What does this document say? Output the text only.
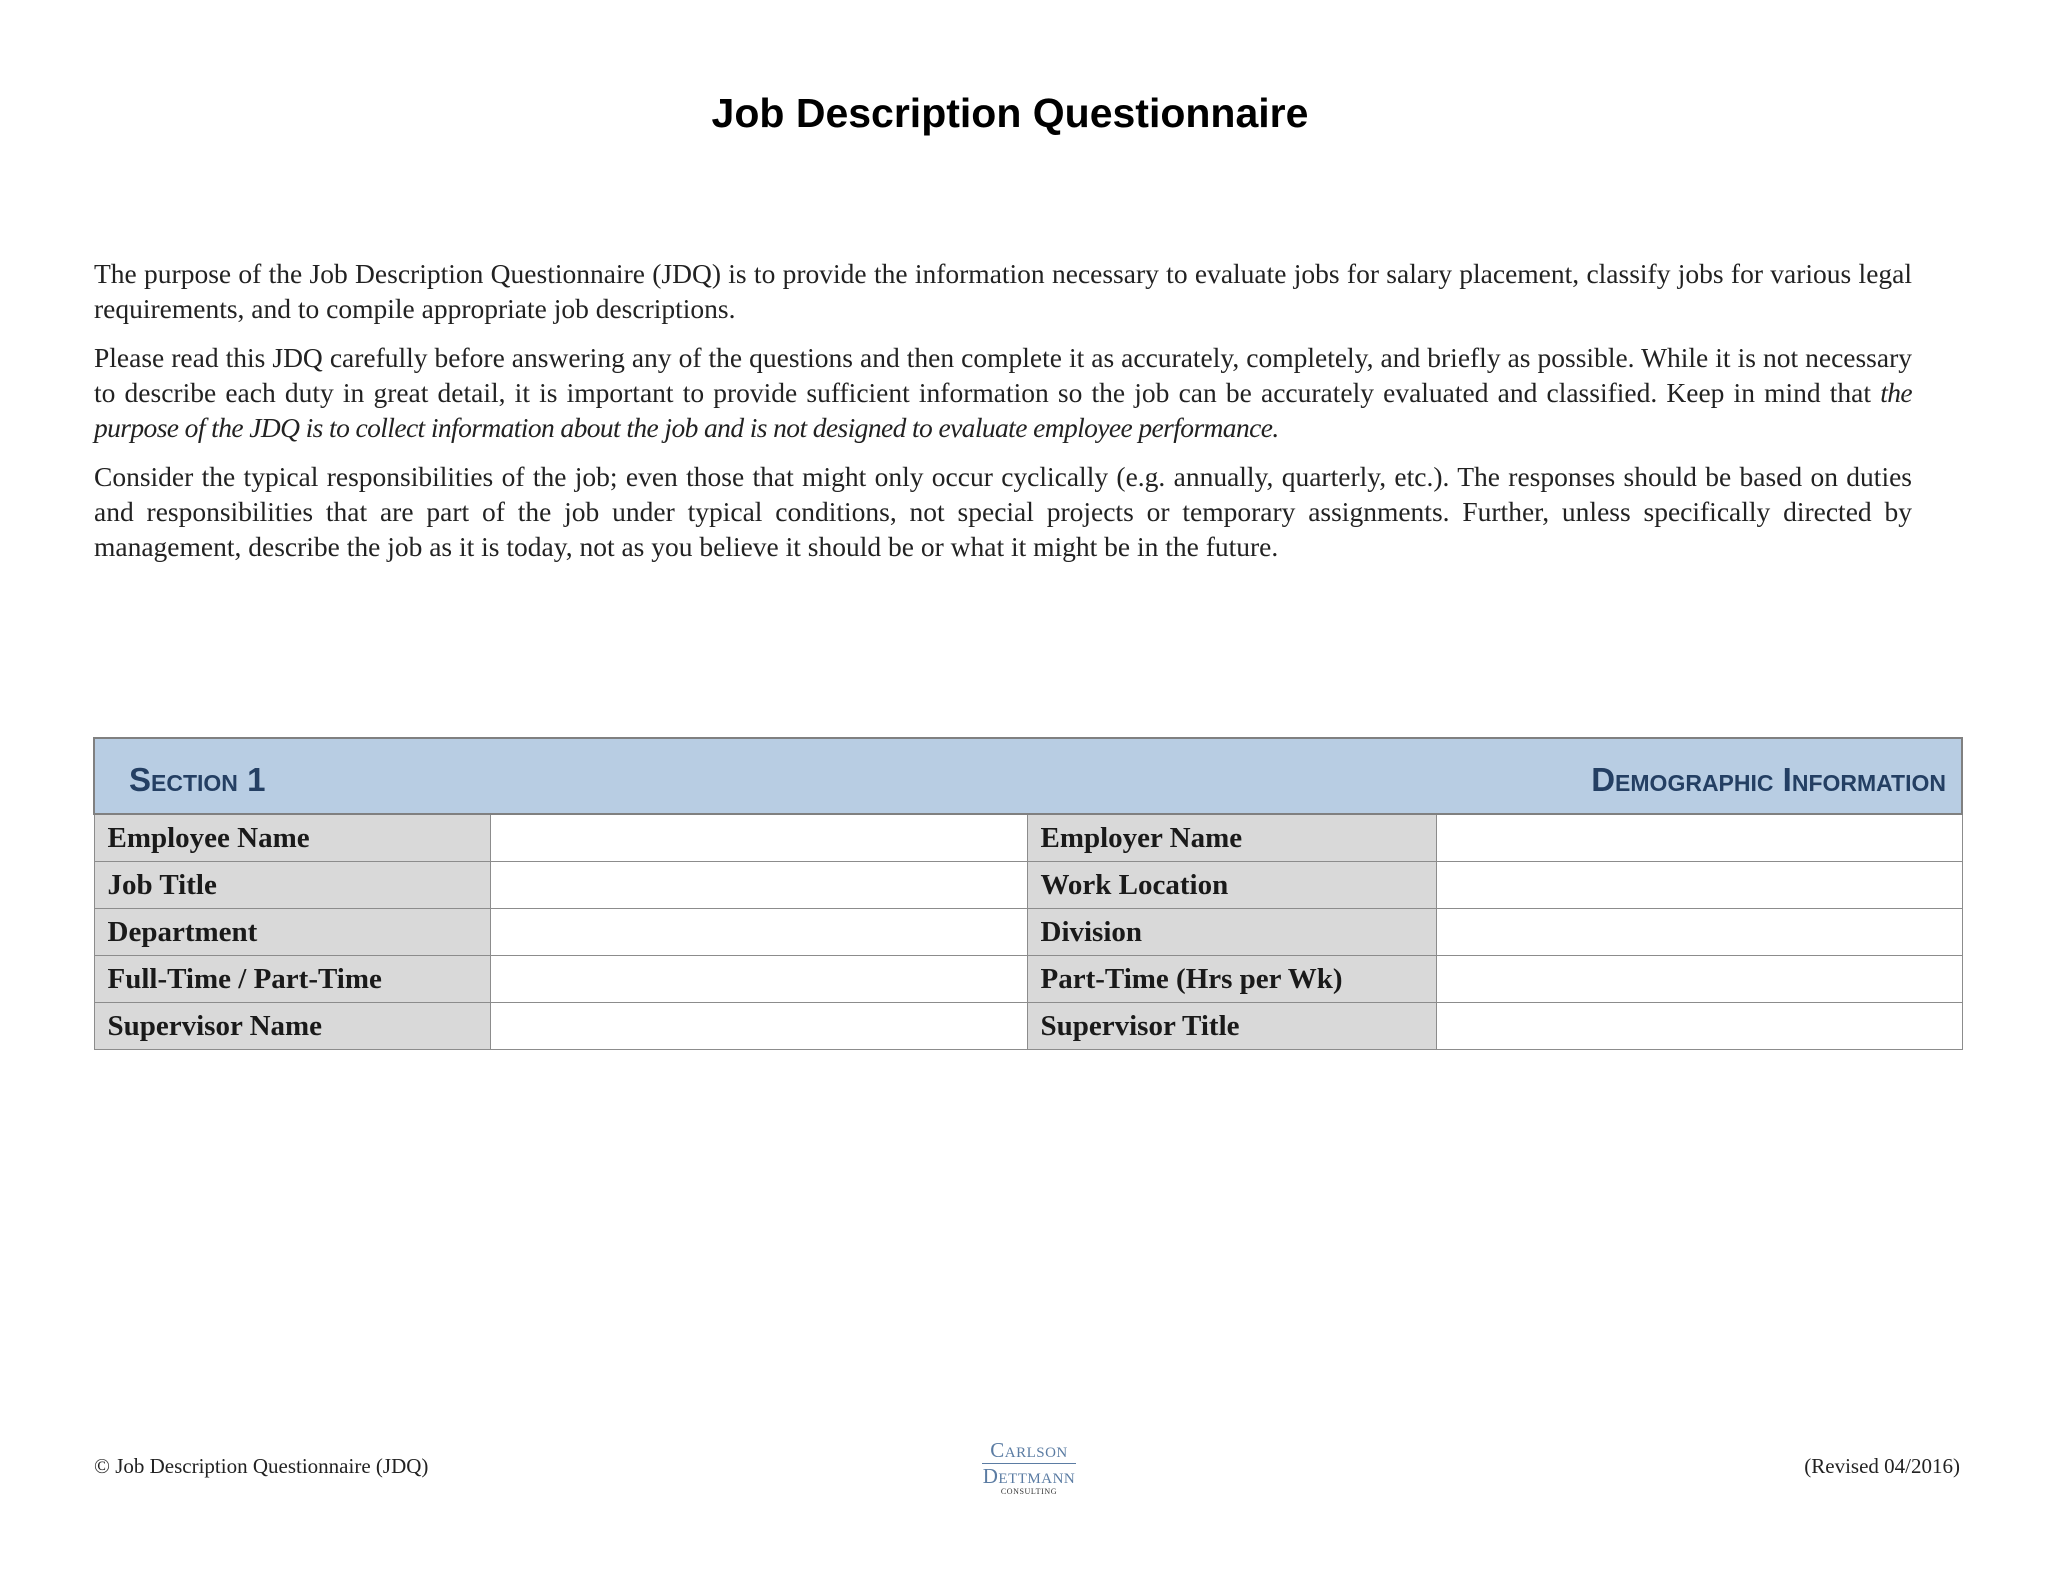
Job Description Questionnaire

The purpose of the Job Description Questionnaire (JDQ) is to provide the information necessary to evaluate jobs for salary placement, classify jobs for various legal requirements, and to compile appropriate job descriptions.

Please read this JDQ carefully before answering any of the questions and then complete it as accurately, completely, and briefly as possible. While it is not necessary to describe each duty in great detail, it is important to provide sufficient information so the job can be accurately evaluated and classified. Keep in mind that the purpose of the JDQ is to collect information about the job and is not designed to evaluate employee performance.

Consider the typical responsibilities of the job; even those that might only occur cyclically (e.g. annually, quarterly, etc.). The responses should be based on duties and responsibilities that are part of the job under typical conditions, not special projects or temporary assignments. Further, unless specifically directed by management, describe the job as it is today, not as you believe it should be or what it might be in the future.

Section 1 Demographic Information			

Employee Name		Employer Name	
Job Title		Work Location	
Department		Division	
Full-Time / Part-Time		Part-Time (Hrs per Wk)	
Supervisor Name		Supervisor Title	
© Job Description Questionnaire (JDQ)
Carlson
Dettmann
CONSULTING
(Revised 04/2016)
